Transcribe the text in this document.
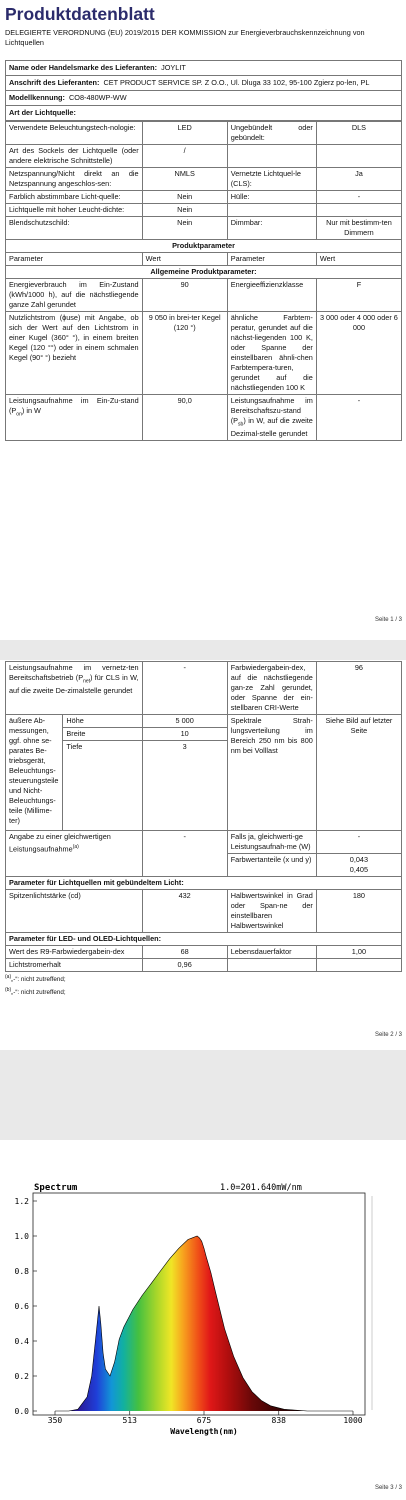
Produktdatenblatt
DELEGIERTE VERORDNUNG (EU) 2019/2015 DER KOMMISSION zur Energieverbrauchskennzeichnung von Lichtquellen
Name oder Handelsmarke des Lieferanten: JOYLIT
Anschrift des Lieferanten: CET PRODUCT SERVICE SP. Z O.O., Ul. Dluga 33 102, 95-100 Zgierz po-len, PL
Modellkennung: CO8-480WP-WW
Art der Lichtquelle:
Verwendete Beleuchtungstech-nologie:	LED	Ungebündelt oder gebündelt:	DLS
Art des Sockels der Lichtquelle (oder andere elektrische Schnittstelle)	/		
Netzspannung/Nicht direkt an die Netzspannung angeschlos-sen:	NMLS	Vernetzte Lichtquel-le (CLS):	Ja
Farblich abstimmbare Licht-quelle:	Nein	Hülle:	-
Lichtquelle mit hoher Leucht-dichte:	Nein		
Blendschutzschild:	Nein	Dimmbar:	Nur mit bestimm-ten Dimmern
Produktparameter			
Parameter	Wert	Parameter	Wert
Allgemeine Produktparameter:			
Energieverbrauch im Ein-Zustand (kWh/1000 h), auf die nächstliegende ganze Zahl gerundet	90	Energieeffizienzklasse	F
Nutzlichtstrom (ɸuse) mit Angabe, ob sich der Wert auf den Lichtstrom in einer Kugel (360° °), in einem breiten Kegel (120 °°) oder in einem schmalen Kegel (90° °) bezieht	9 050 in brei-ter Kegel (120 °)	ähnliche Farbtem-peratur, gerundet auf die nächst-liegenden 100 K, oder Spanne der einstellbaren ähnli-chen Farbtempera-turen, gerundet auf die nächstliegenden 100 K	3 000 oder 4 000 oder 6 000
Leistungsaufnahme im Ein-Zu-stand $(P_{on})$ in W	90,0	Leistungsaufnahme im Bereitschaftszu-stand $(P_{sb})$ in W, auf die zweite Dezimal-stelle gerundet	-
Seite 1 / 3
Leistungsaufnahme im vernetz-ten Bereitschaftsbetrieb $(P_{net})$ für CLS in W, auf die zweite De-zimalstelle gerundet		-	Farbwiedergabein-dex, auf die nächstliegende gan-ze Zahl gerundet, oder Spanne der ein-stellbaren CRI-Werte	96
äußere Ab-messungen, ggf. ohne se-parates Be-triebsgerät, Beleuchtungs-steuerungsteile und Nicht-Beleuchtungs-teile (Millime-ter)	Höhe	5 000	Spektrale Strah-lungsverteilung im Bereich 250 nm bis 800 nm bei Volllast	Siehe Bild auf letzter Seite
	Breite	10		
	Tiefe	3		
Angabe zu einer gleichwertigen Leistungsaufnahme$^{(a)}$		-	Falls ja, gleichwerti-ge Leistungsaufnah-me (W)	-
			Farbwertanteile (x und y)	0,043
0,405

Parameter für Lichtquellen mit gebündeltem Licht:				
Spitzenlichtstärke (cd)		432	Halbwertswinkel in Grad oder Span-ne der einstellbaren Halbwertswinkel	180
Parameter für LED- und OLED-Lichtquellen:				
Wert des R9-Farbwiedergabein-dex		68	Lebensdauerfaktor	1,00
Lichtstromerhalt		0,96		
$^{(a)}$„-“: nicht zutreffend;
$^{(b)}$„-“: nicht zutreffend;
Seite 2 / 3
0.0
0.2
0.4
0.6
0.8
1.0
1.2
350	513	675	838	1000
Spectrum	1.0=201.640mW/nm
Wavelength(nm)
Seite 3 / 3
